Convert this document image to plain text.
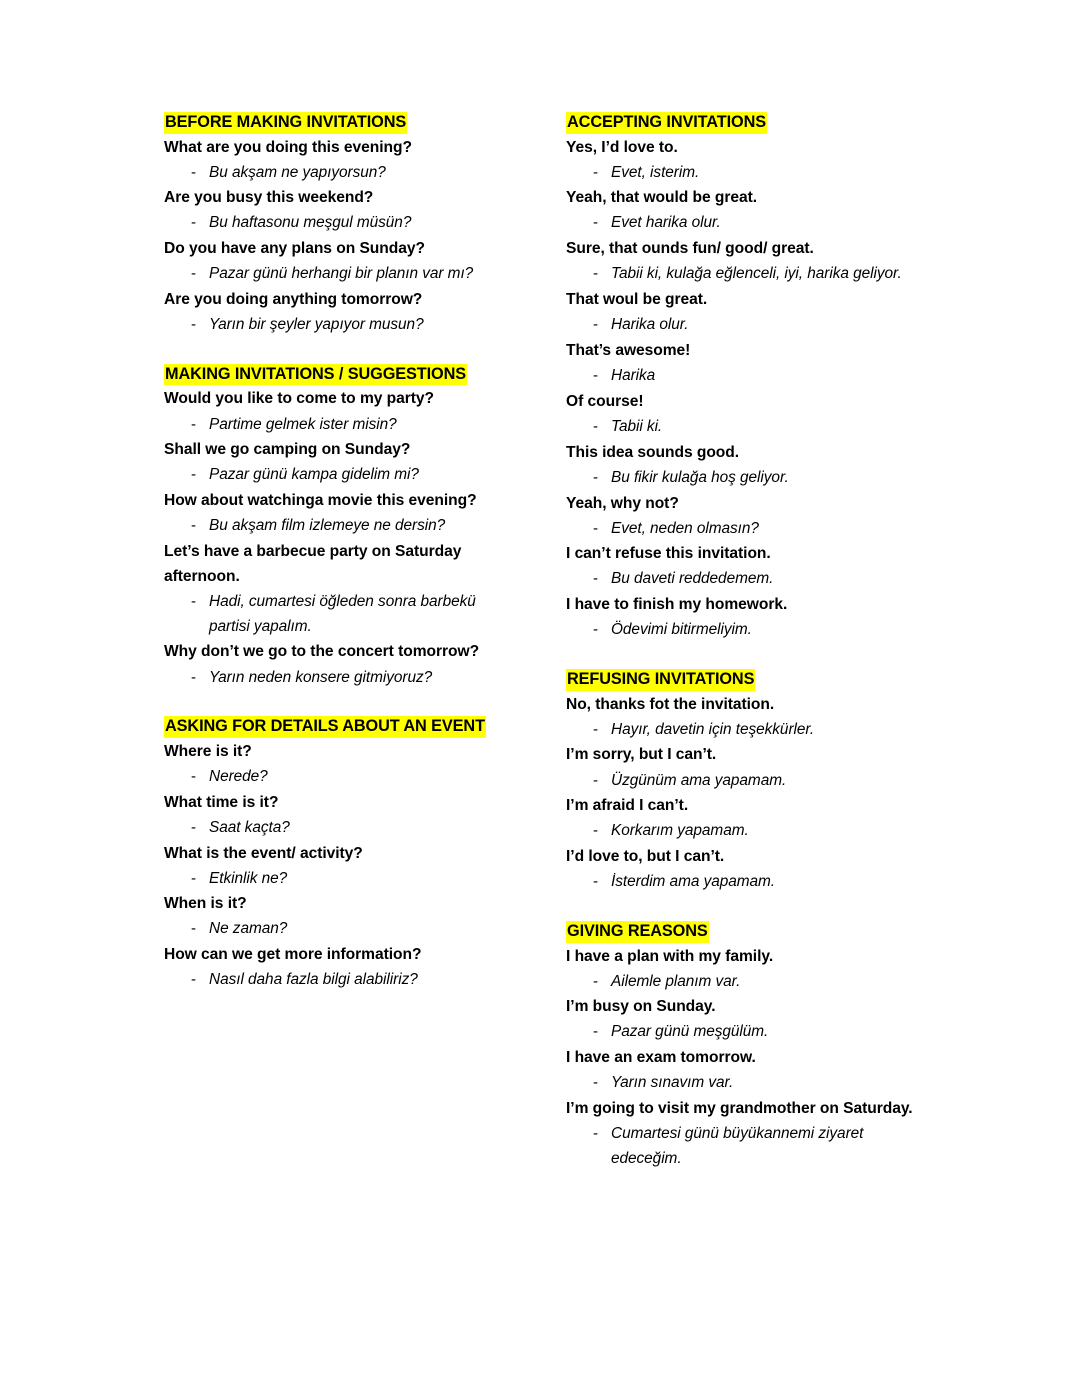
BEFORE MAKING INVITATIONS
What are you doing this evening?
- Bu akşam ne yapıyorsun?
Are you busy this weekend?
- Bu haftasonu meşgul müsün?
Do you have any plans on Sunday?
- Pazar günü herhangi bir planın var mı?
Are you doing anything tomorrow?
- Yarın bir şeyler yapıyor musun?
MAKING INVITATIONS / SUGGESTIONS
Would you like to come to my party?
- Partime gelmek ister misin?
Shall we go camping on Sunday?
- Pazar günü kampa gidelim mi?
How about watchinga movie this evening?
- Bu akşam film izlemeye ne dersin?
Let’s have a barbecue party on Saturday afternoon.
- Hadi, cumartesi öğleden sonra barbekü partisi yapalım.
Why don’t we go to the concert tomorrow?
- Yarın neden konsere gitmiyoruz?
ASKING FOR DETAILS ABOUT AN EVENT
Where is it?
- Nerede?
What time is it?
- Saat kaçta?
What is the event/ activity?
- Etkinlik ne?
When is it?
- Ne zaman?
How can we get more information?
- Nasıl daha fazla bilgi alabiliriz?
ACCEPTING INVITATIONS
Yes, I’d love to.
- Evet, isterim.
Yeah, that would be great.
- Evet harika olur.
Sure, that ounds fun/ good/ great.
- Tabii ki, kulağa eğlenceli, iyi, harika geliyor.
That woul be great.
- Harika olur.
That’s awesome!
- Harika
Of course!
- Tabii ki.
This idea sounds good.
- Bu fikir kulağa hoş geliyor.
Yeah, why not?
- Evet, neden olmasın?
I can’t refuse this invitation.
- Bu daveti reddedemem.
I have to finish my homework.
- Ödevimi bitirmeliyim.
REFUSING INVITATIONS
No, thanks fot the invitation.
- Hayır, davetin için teşekkürler.
I’m sorry, but I can’t.
- Üzgünüm ama yapamam.
I’m afraid I can’t.
- Korkarım yapamam.
I’d love to, but I can’t.
- İsterdim ama yapamam.
GIVING REASONS
I have a plan with my family.
- Ailemle planım var.
I’m busy on Sunday.
- Pazar günü meşgülüm.
I have an exam tomorrow.
- Yarın sınavım var.
I’m going to visit my grandmother on Saturday.
- Cumartesi günü büyükannemi ziyaret edeceğim.
